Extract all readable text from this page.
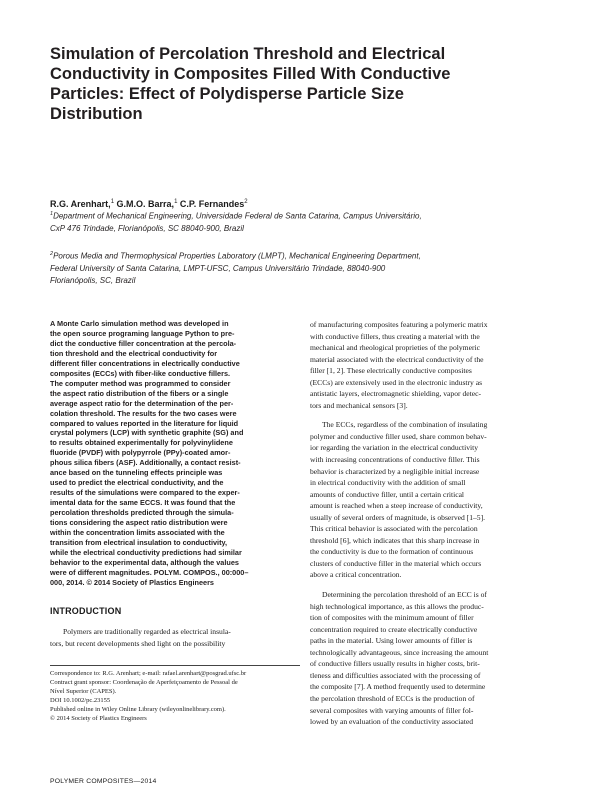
Simulation of Percolation Threshold and Electrical
Conductivity in Composites Filled With Conductive
Particles: Effect of Polydisperse Particle Size
Distribution
R.G. Arenhart,$^1$ G.M.O. Barra,$^1$ C.P. Fernandes$^2$
$^1$Department of Mechanical Engineering, Universidade Federal de Santa Catarina, Campus Universitário,
CxP 476 Trindade, Florianópolis, SC 88040-900, Brazil
$^2$Porous Media and Thermophysical Properties Laboratory (LMPT), Mechanical Engineering Department,
Federal University of Santa Catarina, LMPT-UFSC, Campus Universitário Trindade, 88040-900
Florianópolis, SC, Brazil
A Monte Carlo simulation method was developed in
the open source programing language Python to pre-
dict the conductive filler concentration at the percola-
tion threshold and the electrical conductivity for
different filler concentrations in electrically conductive
composites (ECCs) with fiber-like conductive fillers.
The computer method was programmed to consider
the aspect ratio distribution of the fibers or a single
average aspect ratio for the determination of the per-
colation threshold. The results for the two cases were
compared to values reported in the literature for liquid
crystal polymers (LCP) with synthetic graphite (SG) and
to results obtained experimentally for polyvinylidene
fluoride (PVDF) with polypyrrole (PPy)-coated amor-
phous silica fibers (ASF). Additionally, a contact resist-
ance based on the tunneling effects principle was
used to predict the electrical conductivity, and the
results of the simulations were compared to the exper-
imental data for the same ECCS. It was found that the
percolation thresholds predicted through the simula-
tions considering the aspect ratio distribution were
within the concentration limits associated with the
transition from electrical insulation to conductivity,
while the electrical conductivity predictions had similar
behavior to the experimental data, although the values
were of different magnitudes. POLYM. COMPOS., 00:000–
000, 2014. © 2014 Society of Plastics Engineers
INTRODUCTION
Polymers are traditionally regarded as electrical insula-
tors, but recent developments shed light on the possibility
Correspondence to: R.G. Arenhart; e-mail: rafael.arenhart@posgrad.ufsc.br
Contract grant sponsor: Coordenação de Aperfeiçoamento de Pessoal de
Nível Superior (CAPES).
DOI 10.1002/pc.23155
Published online in Wiley Online Library (wileyonlinelibrary.com).
© 2014 Society of Plastics Engineers
of manufacturing composites featuring a polymeric matrix
with conductive fillers, thus creating a material with the
mechanical and rheological proprieties of the polymeric
material associated with the electrical conductivity of the
filler [1, 2]. These electrically conductive composites
(ECCs) are extensively used in the electronic industry as
antistatic layers, electromagnetic shielding, vapor detec-
tors and mechanical sensors [3].
The ECCs, regardless of the combination of insulating
polymer and conductive filler used, share common behav-
ior regarding the variation in the electrical conductivity
with increasing concentrations of conductive filler. This
behavior is characterized by a negligible initial increase
in electrical conductivity with the addition of small
amounts of conductive filler, until a certain critical
amount is reached when a steep increase of conductivity,
usually of several orders of magnitude, is observed [1–5].
This critical behavior is associated with the percolation
threshold [6], which indicates that this sharp increase in
the conductivity is due to the formation of continuous
clusters of conductive filler in the material which occurs
above a critical concentration.
Determining the percolation threshold of an ECC is of
high technological importance, as this allows the produc-
tion of composites with the minimum amount of filler
concentration required to create electrically conductive
paths in the material. Using lower amounts of filler is
technologically advantageous, since increasing the amount
of conductive fillers usually results in higher costs, brit-
tleness and difficulties associated with the processing of
the composite [7]. A method frequently used to determine
the percolation threshold of ECCs is the production of
several composites with varying amounts of filler fol-
lowed by an evaluation of the conductivity associated
POLYMER COMPOSITES—2014
